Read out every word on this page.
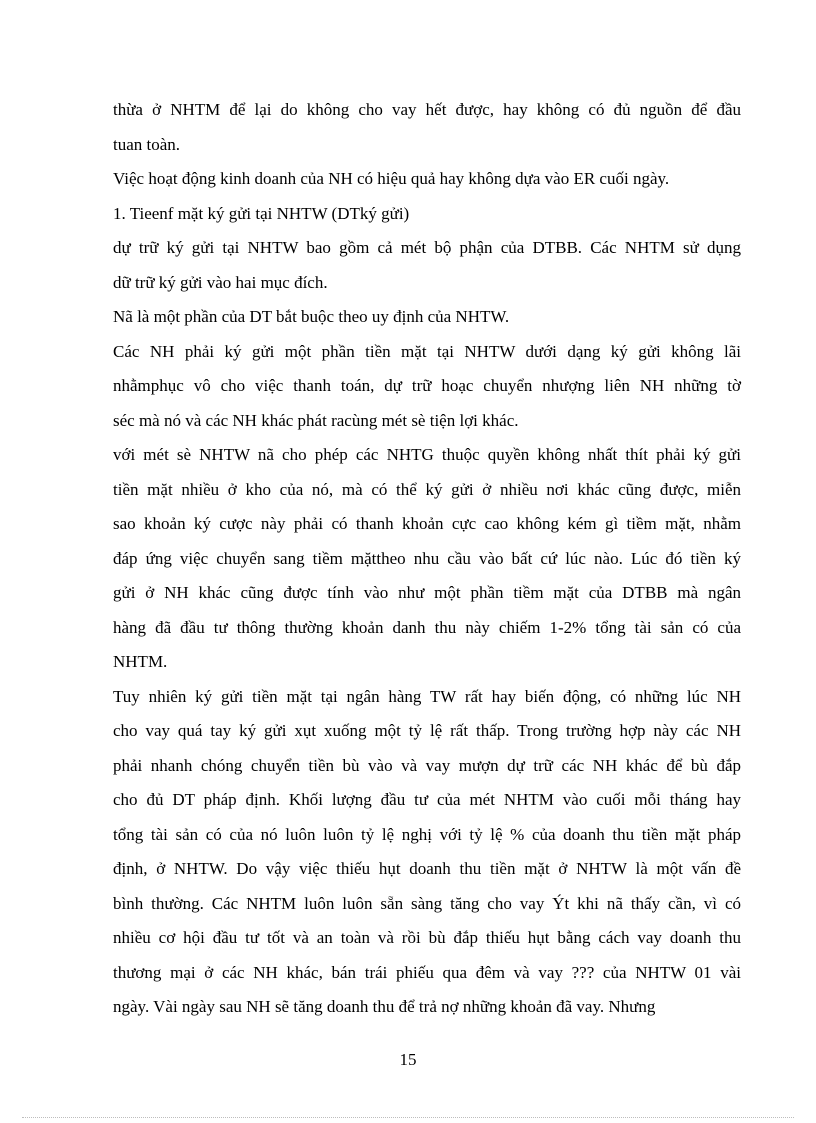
thừa ở NHTM để lại do không cho vay hết được, hay không có đủ nguồn để đầu
tuan toàn.
Việc hoạt động kinh doanh của NH có hiệu quả hay không dựa vào ER cuối ngày.
1. Tieenf mặt ký gửi tại NHTW (DTký gửi)
dự trữ ký gửi tại NHTW bao gồm cả mét bộ phận của DTBB. Các NHTM sử dụng
dữ trữ ký gửi vào hai mục đích.
Nã là một phần của DT bắt buộc theo uy định của NHTW.
Các NH phải ký gửi một phần tiền mặt tại NHTW dưới dạng ký gửi không lãi
nhằmphục vô cho việc thanh toán, dự trữ hoạc chuyển nhượng liên NH những tờ
séc mà nó và các NH khác phát racùng mét sè tiện lợi khác.
với mét sè NHTW nã cho phép các NHTG thuộc quyền không nhất thít phải ký gửi
tiền mặt nhiều ở kho của nó, mà có thể ký gửi ở nhiều nơi khác cũng được, miễn
sao khoản ký cược này phải có thanh khoản cực cao không kém gì tiềm mặt, nhằm
đáp ứng việc chuyển sang tiềm mặttheo nhu cầu vào bất cứ lúc nào. Lúc đó tiền ký
gửi ở NH khác cũng được tính vào như một phần tiềm mặt của DTBB mà ngân
hàng đã đầu tư thông thường khoản danh thu này chiếm 1-2% tổng tài sản có của
NHTM.
Tuy nhiên ký gửi tiền mặt tại ngân hàng TW rất hay biến động, có những lúc NH
cho vay quá tay ký gửi xụt xuống một tỷ lệ rất thấp. Trong trường hợp này các NH
phải nhanh chóng chuyển tiền bù vào và vay mượn dự trữ các NH khác để bù đắp
cho đủ DT pháp định. Khối lượng đầu tư của mét NHTM vào cuối mỗi tháng hay
tổng tài sản có của nó luôn luôn tỷ lệ nghị với tỷ lệ % của doanh thu tiền mặt pháp
định, ở NHTW. Do vậy việc thiếu hụt doanh thu tiền mặt ở NHTW là một vấn đề
bình thường. Các NHTM luôn luôn sẵn sàng tăng cho vay Ýt khi nã thấy cần, vì có
nhiều cơ hội đầu tư tốt và an toàn và rồi bù đắp thiếu hụt bằng cách vay doanh thu
thương mại ở các NH khác, bán trái phiếu qua đêm và vay ??? của NHTW 01 vài
ngày. Vài ngày sau NH sẽ tăng doanh thu để trả nợ những khoản đã vay. Nhưng
15
